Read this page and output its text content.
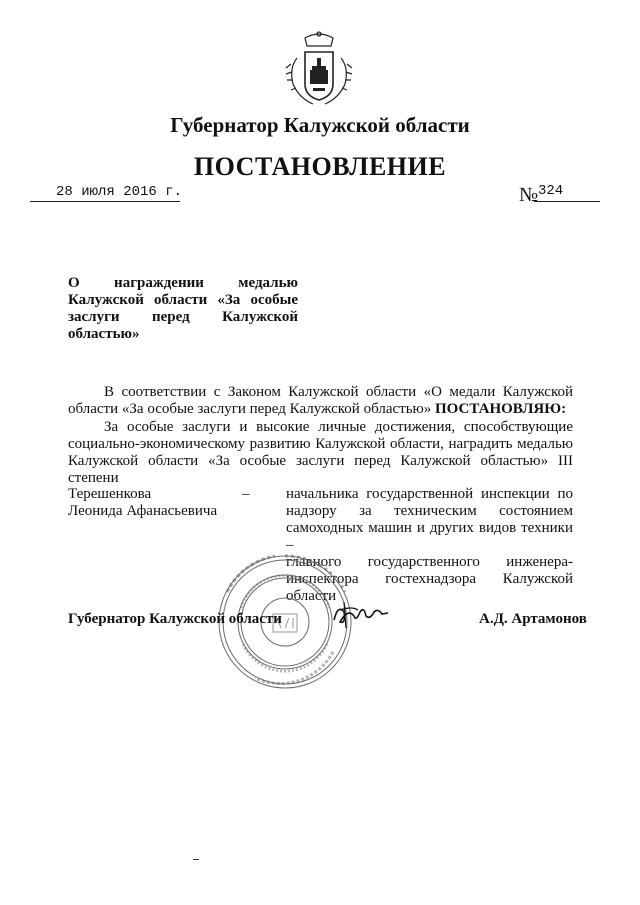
Губернатор Калужской области
ПОСТАНОВЛЕНИЕ
28 июля 2016 г.	№ 324
О награждении медалью
Калужской области «За особые
заслуги перед Калужской
областью»
В соответствии с Законом Калужской области «О медали Калужской области «За особые заслуги перед Калужской областью» ПОСТАНОВЛЯЮ:
За особые заслуги и высокие личные достижения, способствующие социально-экономическому развитию Калужской области, наградить медалью Калужской области «За особые заслуги перед Калужской областью» III степени
Терешенкова
Леонида Афанасьевича
– начальника государственной инспекции по
надзору за техническим состоянием
самоходных машин и других видов техники –
главного государственного инженера-
инспектора гостехнадзора Калужской области
Губернатор Калужской области	А.Д. Артамонов
